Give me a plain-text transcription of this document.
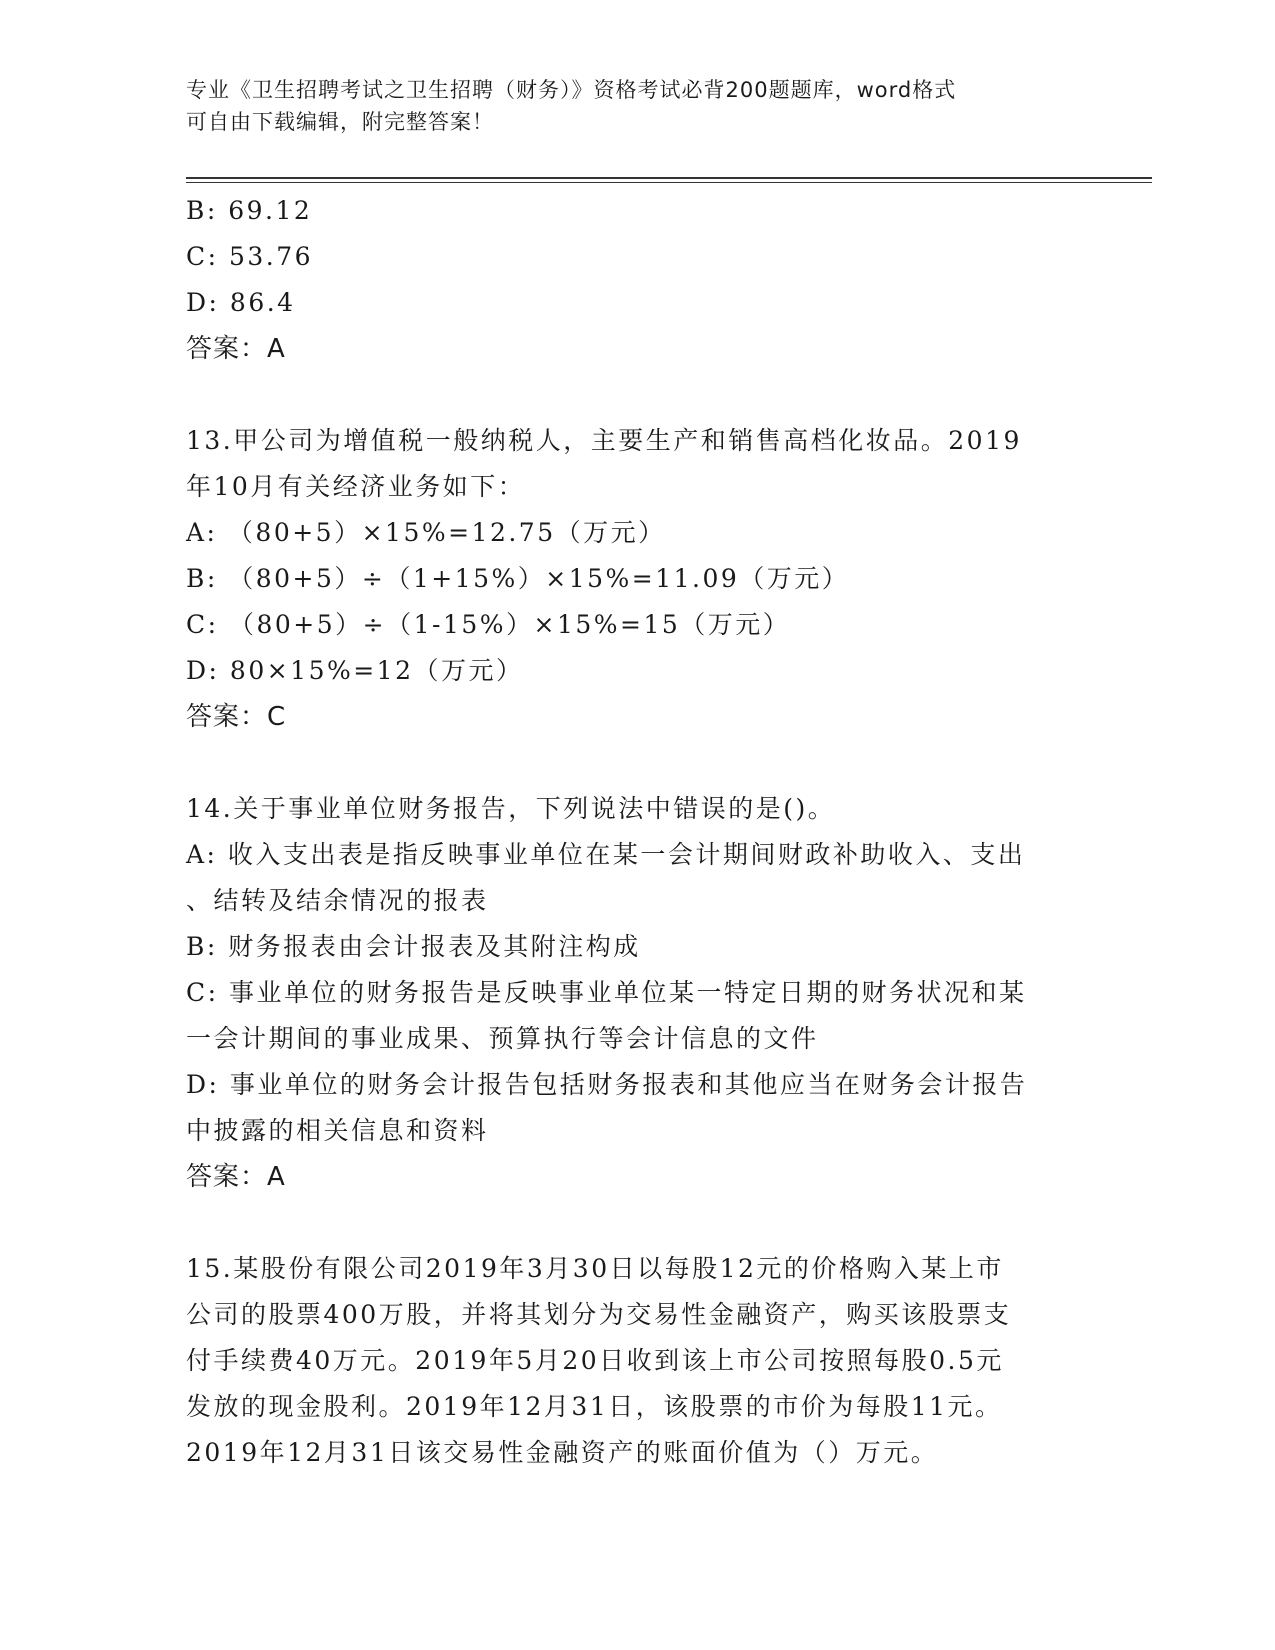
专业《卫生招聘考试之卫生招聘（财务）》资格考试必背200题题库，word格式
可自由下载编辑，附完整答案！
B: 69.12
C: 53.76
D: 86.4
答案：A
13.甲公司为增值税一般纳税人，主要生产和销售高档化妆品。2019
年10月有关经济业务如下：
A: （80+5）×15%=12.75（万元）
B: （80+5）÷（1+15%）×15%=11.09（万元）
C: （80+5）÷（1-15%）×15%=15（万元）
D: 80×15%=12（万元）
答案：C
14.关于事业单位财务报告，下列说法中错误的是()。
A: 收入支出表是指反映事业单位在某一会计期间财政补助收入、支出
、结转及结余情况的报表
B: 财务报表由会计报表及其附注构成
C: 事业单位的财务报告是反映事业单位某一特定日期的财务状况和某
一会计期间的事业成果、预算执行等会计信息的文件
D: 事业单位的财务会计报告包括财务报表和其他应当在财务会计报告
中披露的相关信息和资料
答案：A
15.某股份有限公司2019年3月30日以每股12元的价格购入某上市
公司的股票400万股，并将其划分为交易性金融资产，购买该股票支
付手续费40万元。2019年5月20日收到该上市公司按照每股0.5元
发放的现金股利。2019年12月31日，该股票的市价为每股11元。
2019年12月31日该交易性金融资产的账面价值为（）万元。
